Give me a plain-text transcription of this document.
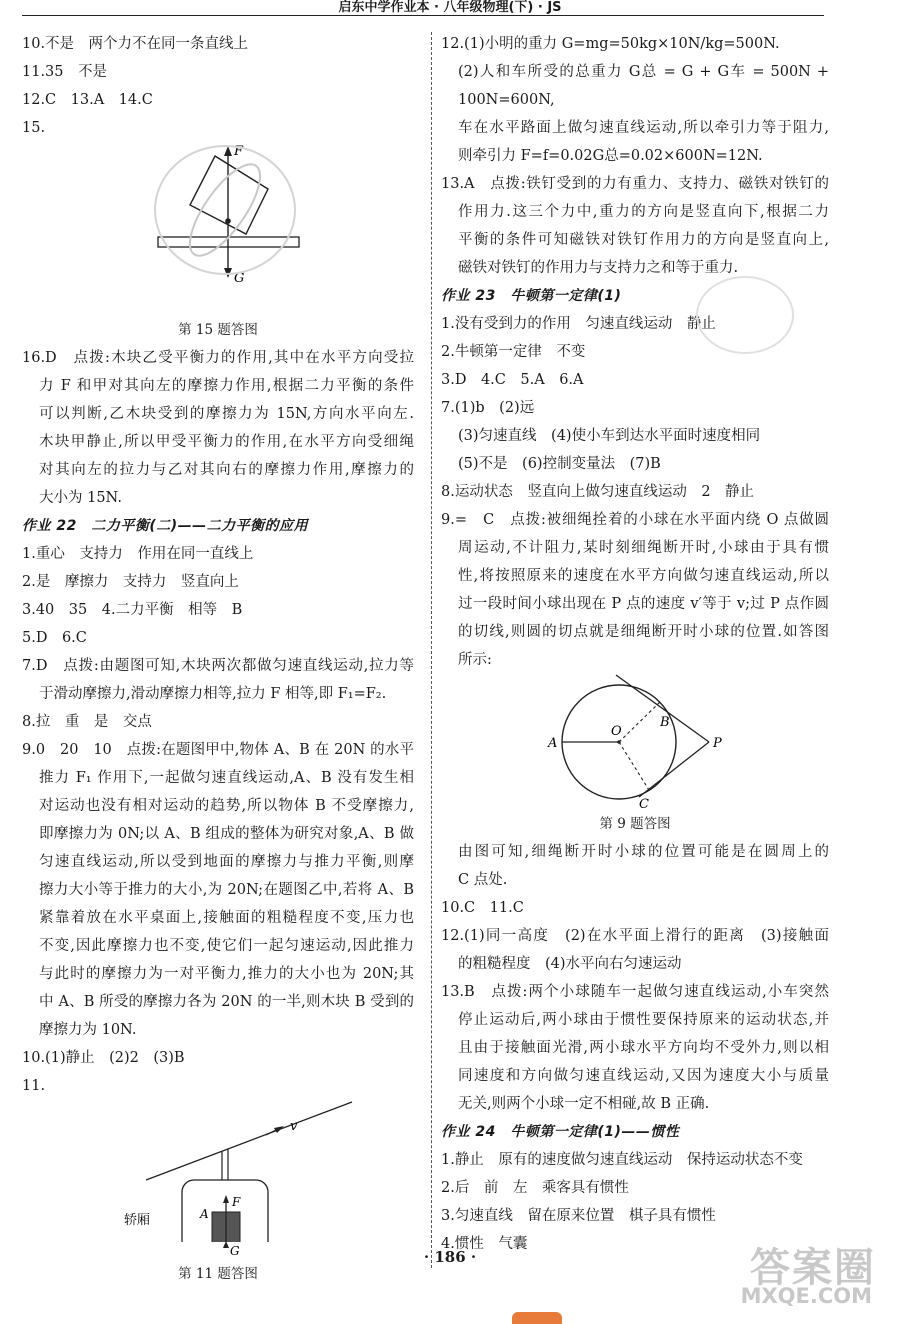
启东中学作业本 · 八年级物理(下) · JS
10.不是　两个力不在同一条直线上
11.35　不是
12.C　13.A　14.C
15.
F
G
第 15 题答图
16.D　点拨:木块乙受平衡力的作用,其中在水平方向受拉
力 F 和甲对其向左的摩擦力作用,根据二力平衡的条件
可以判断,乙木块受到的摩擦力为 15N,方向水平向左.
木块甲静止,所以甲受平衡力的作用,在水平方向受细绳
对其向左的拉力与乙对其向右的摩擦力作用,摩擦力的
大小为 15N.
作业 22　二力平衡(二)——二力平衡的应用
1.重心　支持力　作用在同一直线上
2.是　摩擦力　支持力　竖直向上
3.40　35　4.二力平衡　相等　B
5.D　6.C
7.D　点拨:由题图可知,木块两次都做匀速直线运动,拉力等
于滑动摩擦力,滑动摩擦力相等,拉力 F 相等,即 F₁=F₂.
8.拉　重　是　交点
9.0　20　10　点拨:在题图甲中,物体 A、B 在 20N 的水平
推力 F₁ 作用下,一起做匀速直线运动,A、B 没有发生相
对运动也没有相对运动的趋势,所以物体 B 不受摩擦力,
即摩擦力为 0N;以 A、B 组成的整体为研究对象,A、B 做
匀速直线运动,所以受到地面的摩擦力与推力平衡,则摩
擦力大小等于推力的大小,为 20N;在题图乙中,若将 A、B
紧靠着放在水平桌面上,接触面的粗糙程度不变,压力也
不变,因此摩擦力也不变,使它们一起匀速运动,因此推力
与此时的摩擦力为一对平衡力,推力的大小也为 20N;其
中 A、B 所受的摩擦力各为 20N 的一半,则木块 B 受到的
摩擦力为 10N.
10.(1)静止　(2)2　(3)B
11.
v
A
F
轿厢
G
第 11 题答图
12.(1)小明的重力 G=mg=50kg×10N/kg=500N.
(2)人和车所受的总重力 G总 = G + G车 = 500N +
100N=600N,
车在水平路面上做匀速直线运动,所以牵引力等于阻力,
则牵引力 F=f=0.02G总=0.02×600N=12N.
13.A　点拨:铁钉受到的力有重力、支持力、磁铁对铁钉的
作用力.这三个力中,重力的方向是竖直向下,根据二力
平衡的条件可知磁铁对铁钉作用力的方向是竖直向上,
磁铁对铁钉的作用力与支持力之和等于重力.
作业 23　牛顿第一定律(1)
1.没有受到力的作用　匀速直线运动　静止
2.牛顿第一定律　不变
3.D　4.C　5.A　6.A
7.(1)b　(2)远
(3)匀速直线　(4)使小车到达水平面时速度相同
(5)不是　(6)控制变量法　(7)B
8.运动状态　竖直向上做匀速直线运动　2　静止
9.=　C　点拨:被细绳拴着的小球在水平面内绕 O 点做圆
周运动,不计阻力,某时刻细绳断开时,小球由于具有惯
性,将按照原来的速度在水平方向做匀速直线运动,所以
过一段时间小球出现在 P 点的速度 v′等于 v;过 P 点作圆
的切线,则圆的切点就是细绳断开时小球的位置.如答图
所示:
O
A
B
C
P
第 9 题答图
由图可知,细绳断开时小球的位置可能是在圆周上的
C 点处.
10.C　11.C
12.(1)同一高度　(2)在水平面上滑行的距离　(3)接触面
的粗糙程度　(4)水平向右匀速运动
13.B　点拨:两个小球随车一起做匀速直线运动,小车突然
停止运动后,两小球由于惯性要保持原来的运动状态,并
且由于接触面光滑,两小球水平方向均不受外力,则以相
同速度和方向做匀速直线运动,又因为速度大小与质量
无关,则两个小球一定不相碰,故 B 正确.
作业 24　牛顿第一定律(1)——惯性
1.静止　原有的速度做匀速直线运动　保持运动状态不变
2.后　前　左　乘客具有惯性
3.匀速直线　留在原来位置　棋子具有惯性
4.惯性　气囊
· 186 ·	答案圈
MXQE.COM
